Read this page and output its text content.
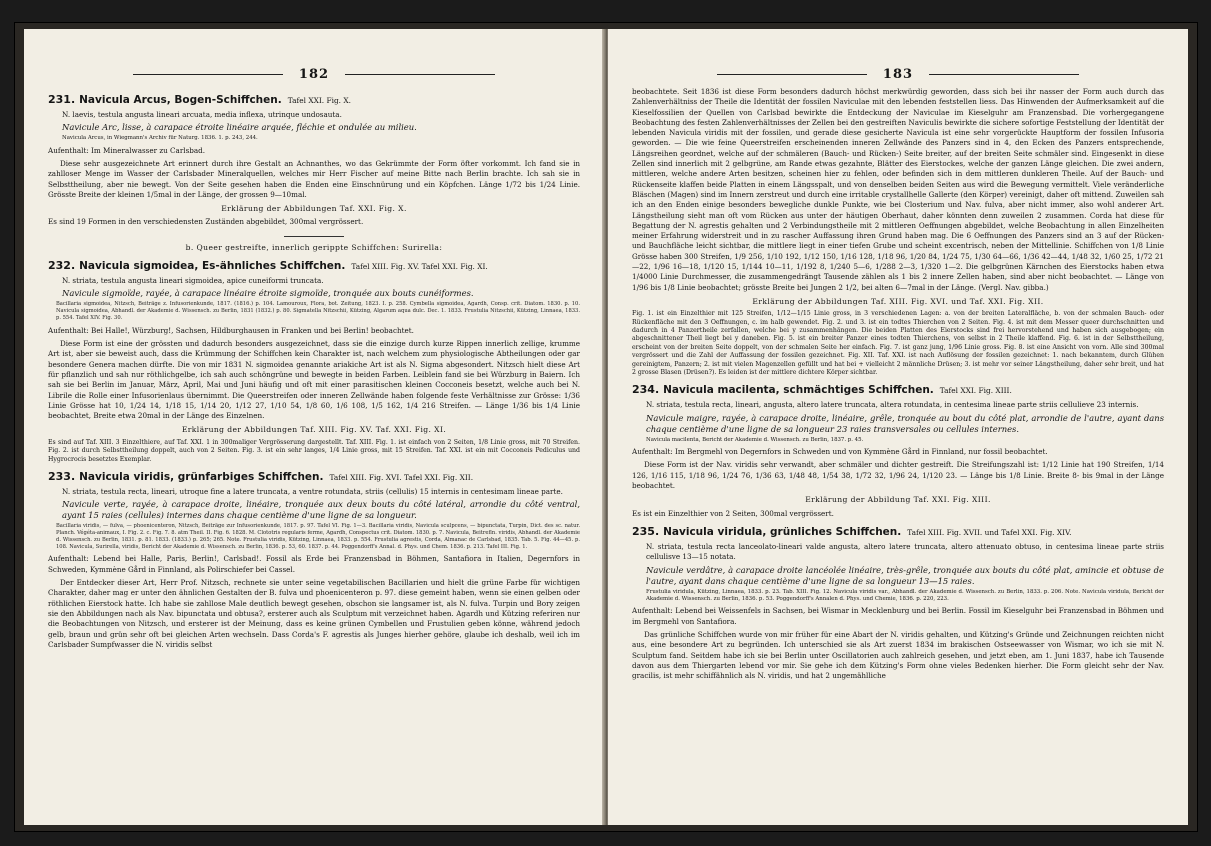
182
231. Navicula Arcus, Bogen-Schiffchen. Tafel XXI. Fig. X.

N. laevis, testula angusta lineari arcuata, media inflexa, utrinque undosauta.

Navicule Arc, lisse, à carapace étroite linéaire arquée, fléchie et ondulée au milieu.

Navicula Arcus, in Wiegmann's Archiv für Naturg. 1836. 1. p. 243, 244.

Aufenthalt: Im Mineralwasser zu Carlsbad.

Diese sehr ausgezeichnete Art erinnert durch ihre Gestalt an Achnanthes, wo das Gekrümmte der Form öfter vorkommt. Ich fand sie in zahlloser Menge im Wasser der Carlsbader Mineralquellen, welches mir Herr Fischer auf meine Bitte nach Berlin brachte. Ich sah sie in Selbsttheilung, aber nie bewegt. Von der Seite gesehen haben die Enden eine Einschnürung und ein Köpfchen. Länge 1/72 bis 1/24 Linie. Grösste Breite der kleinen 1/5mal in der Länge, der grossen 9—10mal.

Erklärung der Abbildungen Taf. XXI. Fig. X.

Es sind 19 Formen in den verschiedensten Zuständen abgebildet, 300mal vergrössert.

b. Queer gestreifte, innerlich gerippte Schiffchen: Surirella:

232. Navicula sigmoidea, Es-ähnliches Schiffchen. Tafel XIII. Fig. XV. Tafel XXI. Fig. XI.

N. striata, testula angusta lineari sigmoidea, apice cuneiformi truncata.

Navicule sigmoïde, rayée, à carapace linéaire étroite sigmoïde, tronquée aux bouts cunéiformes.

Bacillaria sigmoidea, Nitzsch, Beiträge z. Infusorienkunde, 1817. (1816.) p. 104. Lamouroux, Flora, bot. Zeitung, 1823. I. p. 258. Cymbella sigmoidea, Agardh, Consp. crit. Diatom. 1830. p. 10. Navicula sigmoidea, Abhandl. der Akademie d. Wissensch. zu Berlin, 1831 (1832.) p. 80. Sigmatella Nitzschii, Kützing, Algarum aqua dulc. Dec. 1. 1833. Frustulia Nitzschii, Kützing, Linnaea, 1833. p. 554. Tafel XIV. Fig. 30.

Aufenthalt: Bei Halle!, Würzburg!, Sachsen, Hildburghausen in Franken und bei Berlin! beobachtet.

Diese Form ist eine der grössten und dadurch besonders ausgezeichnet, dass sie die einzige durch kurze Rippen innerlich zellige, krumme Art ist, aber sie beweist auch, dass die Krümmung der Schiffchen kein Charakter ist, nach welchem zum physiologische Abtheilungen oder gar besondere Genera machen dürfte. Die von mir 1831 N. sigmoidea genannte ariakiche Art ist als N. Sigma abgesondert. Nitzsch hielt diese Art für pflanzlich und sah nur röthlichgelbe, ich sah auch schöngrüne und bewegte in beiden Farben. Leiblein fand sie bei Würzburg in Baiern. Ich sah sie bei Berlin im Januar, März, April, Mai und Juni häufig und oft mit einer parasitischen kleinen Cocconeis besetzt, welche auch bei N. Librile die Rolle einer Infusorienlaus übernimmt. Die Queerstreifen oder inneren Zellwände haben folgende feste Verhältnisse zur Grösse: 1/36 Linie Grösse hat 10, 1/24 14, 1/18 15, 1/14 20, 1/12 27, 1/10 54, 1/8 60, 1/6 108, 1/5 162, 1/4 216 Streifen. — Länge 1/36 bis 1/4 Linie beobachtet, Breite etwa 20mal in der Länge des Einzelnen.

Erklärung der Abbildungen Taf. XIII. Fig. XV. Taf. XXI. Fig. XI.

Es sind auf Taf. XIII. 3 Einzelthiere, auf Taf. XXI. 1 in 300maliger Vergrösserung dargestellt. Taf. XIII. Fig. 1. ist einfach von 2 Seiten, 1/8 Linie gross, mit 70 Streifen. Fig. 2. ist durch Selbsttheilung doppelt, auch von 2 Seiten. Fig. 3. ist ein sehr langes, 1/4 Linie gross, mit 15 Streifen. Taf. XXI. ist ein mit Cocconeis Pediculus und Hygrocrocis besetztes Exemplar.

233. Navicula viridis, grünfarbiges Schiffchen. Tafel XIII. Fig. XVI. Tafel XXI. Fig. XII.

N. striata, testula recta, lineari, utroque fine a latere truncata, a ventre rotundata, striis (cellulis) 15 internis in centesimam lineae parte.

Navicule verte, rayée, à carapace droite, linéaire, tronquée aux deux bouts du côté latéral, arrondie du côté ventral, ayant 15 raies (cellules) internes dans chaque centième d'une ligne de sa longueur.

Bacillaria viridis, — fulva, — phoenicenteron, Nitzsch, Beiträge zur Infusorienkunde, 1817. p. 97. Tafel VI. Fig. 1—3. Bacillaria viridis, Navicula sculpcens, — bipunctata, Turpin, Dict. des sc. natur. Planch. Végéta-animaux, I. Fig. 2. c. Fig. 7. 8. atm Theil. II. Fig. 6. 1828. M. Clototris regularis ferme, Agardh, Conspectus crit. Diatom. 1830. p. 7. Navicula, Beitrefln. viridis, Abhandl. der Akademie d. Wissensch. zu Berlin, 1831. p. 81. 1833. (1833.) p. 265; 265. Note. Frustulia viridis, Kützing, Linnaea, 1833. p. 554. Frustulia agrestis, Corda, Almanac de Carlsbad, 1835. Tab. 5. Fig. 44—45. p. 108. Navicula, Surirella, viridis, Bericht der Akademie d. Wissensch. zu Berlin, 1836. p. 53, 60. 1837. p. 44. Poggendorff's Annal. d. Phys. und Chem. 1836. p. 213. Tafel III. Fig. 1.

Aufenthalt: Lebend bei Halle, Paris, Berlin!, Carlsbad!. Fossil als Erde bei Franzensbad in Böhmen, Santafiora in Italien, Degernfors in Schweden, Kymmène Gård in Finnland, als Polirschiefer bei Cassel.

Der Entdecker dieser Art, Herr Prof. Nitzsch, rechnete sie unter seine vegetabilischen Bacillarien und hielt die grüne Farbe für wichtigen Charakter, daher mag er unter den ähnlichen Gestalten der B. fulva und phoenicenteron p. 97. diese gemeint haben, wenn sie einen gelben oder röthlichen Eierstock hatte. Ich habe sie zahllose Male deutlich bewegt gesehen, obschon sie langsamer ist, als N. fulva. Turpin und Bory zeigen sie den Abbildungen nach als Nav. bipunctata und obtusa?, ersterer auch als Sculptum mit verzeichnet haben. Agardh und Kützing referiren nur die Beobachtungen von Nitzsch, und ersterer ist der Meinung, dass es keine grünen Cymbellen und Frustulien geben könne, während jedoch gelb, braun und grün sehr oft bei gleichen Arten wechseln. Dass Corda's F. agrestis als Junges hierher gehöre, glaube ich deshalb, weil ich im Carlsbader Sumpfwasser die N. viridis selbst

183

beobachtete. Seit 1836 ist diese Form besonders dadurch höchst merkwürdig geworden, dass sich bei ihr nasser der Form auch durch das Zahlenverhältniss der Theile die Identität der fossilen Naviculae mit den lebenden feststellen liess. Das Hinwenden der Aufmerksamkeit auf die Kieselfossilien der Quellen von Carlsbad bewirkte die Entdeckung der Naviculae im Kieselguhr am Franzensbad. Die vorhergegangene Beobachtung des festen Zahlenverhältnisses der Zellen bei den gestreiften Naviculis bewirkte die sichere sofortige Feststellung der Identität der lebenden Navicula viridis mit der fossilen, und gerade diese gesicherte Navicula ist eine sehr vorgerückte Hauptform der fossilen Infusoria geworden. — Die wie feine Queerstreifen erscheinenden inneren Zellwände des Panzers sind in 4, den Ecken des Panzers entsprechende, Längsreihen geordnet, welche auf der schmäleren (Bauch- und Rücken-) Seite breiter, auf der breiten Seite schmäler sind. Eingesenkt in diese Zellen sind innerlich mit 2 gelbgrüne, am Rande etwas gezahnte, Blätter des Eierstockes, welche der ganzen Länge gleichen. Die zwei andern, mittleren, welche andere Arten besitzen, scheinen hier zu fehlen, oder befinden sich in dem mittleren dunkleren Theile. Auf der Bauch- und Rückenseite klaffen beide Platten in einem Längsspalt, und von denselben beiden Seiten aus wird die Bewegung vermittelt. Viele veränderliche Bläschen (Magen) sind im Innern zerstreut und durch eine irritable crystallhelle Gallerte (den Körper) vereinigt, daher oft mittend. Zuweilen sah ich an den Enden einige besonders bewegliche dunkle Punkte, wie bei Closterium und Nav. fulva, aber nicht immer, also wohl anderer Art. Längstheilung sieht man oft vom Rücken aus unter der häutigen Oberhaut, daher könnten denn zuweilen 2 zusammen. Corda hat diese für Begattung der N. agrestis gehalten und 2 Verbindungstheile mit 2 mittleren Oeffnungen abgebildet, welche Beobachtung in allen Einzelheiten meiner Erfahrung widerstreit und in zu rascher Auffassung ihren Grund haben mag. Die 6 Oeffnungen des Panzers sind an 3 auf der Rücken- und Bauchfläche leicht sichtbar, die mittlere liegt in einer tiefen Grube und scheint excentrisch, neben der Mittellinie. Schiffchen von 1/8 Linie Grösse haben 300 Streifen, 1/9 256, 1/10 192, 1/12 150, 1/16 128, 1/18 96, 1/20 84, 1/24 75, 1/30 64—66, 1/36 42—44, 1/48 32, 1/60 25, 1/72 21—22, 1/96 16—18, 1/120 15, 1/144 10—11, 1/192 8, 1/240 5—6, 1/288 2—3, 1/320 1—2. Die gelbgrünen Kärnchen des Eierstocks haben etwa 1/4000 Linie Durchmesser, die zusammengedrängt Tausende zählen als 1 bis 2 innere Zellen haben, sind aber nicht beobachtet. — Länge von 1/96 bis 1/8 Linie beobachtet; grösste Breite bei Jungen 2 1/2, bei alten 6—7mal in der Länge. (Vergl. Nav. gibba.)

Erklärung der Abbildungen Taf. XIII. Fig. XVI. und Taf. XXI. Fig. XII.

Fig. 1. ist ein Einzelthier mit 125 Streifen, 1/12—1/15 Linie gross, in 3 verschiedenen Lagen: a. von der breiten Lateralfläche, b. von der schmalen Bauch- oder Rückenfläche mit den 3 Oeffnungen, c. im halb gewendet. Fig. 2. und 3. ist ein todtes Thierchen von 2 Seiten. Fig. 4. ist mit dem Messer queer durchschnitten und dadurch in 4 Panzertheile zerfallen, welche bei y zusammenhängen. Die beiden Platten des Eierstocks sind frei hervorstehend und haben sich ausgebogen; ein abgeschnittener Theil liegt bei y daneben. Fig. 5. ist ein breiter Panzer eines todten Thierchens, von selbst in 2 Theile klaffend. Fig. 6. ist in der Selbsttheilung, erscheint von der breiten Seite doppelt, von der schmalen Seite her einfach. Fig. 7. ist ganz jung, 1/96 Linie gross. Fig. 8. ist eine Ansicht von vorn. Alle sind 300mal vergrössert und die Zahl der Auffassung der fossilen gezeichnet. Fig. XII. Taf. XXI. ist nach Auflösung der fossilen gezeichnet: 1. nach bekanntem, durch Glühen gereinigtem, Panzern; 2. ist mit vielen Magenzellen gefüllt und hat bei + vielleicht 2 männliche Drüsen; 3. ist mehr vor seiner Längstheilung, daher sehr breit, und hat 2 grosse Blasen (Drüsen?). Es leiden ist der mittlere dichtere Körper sichtbar.

234. Navicula macilenta, schmächtiges Schiffchen. Tafel XXI. Fig. XIII.

N. striata, testula recta, lineari, angusta, altero latere truncata, altera rotundata, in centesima lineae parte striis cellulieve 23 internis.

Navicule maigre, rayée, à carapace droite, linéaire, grêle, tronquée au bout du côté plat, arrondie de l'autre, ayant dans chaque centième d'une ligne de sa longueur 23 raies transversales ou cellules internes.

Navicula macilenta, Bericht der Akademie d. Wissensch. zu Berlin, 1837. p. 45.

Aufenthalt: Im Bergmehl von Degernfors in Schweden und von Kymmène Gård in Finnland, nur fossil beobachtet.

Diese Form ist der Nav. viridis sehr verwandt, aber schmäler und dichter gestreift. Die Streifungszahl ist: 1/12 Linie hat 190 Streifen, 1/14 126, 1/16 115, 1/18 96, 1/24 76, 1/36 63, 1/48 48, 1/54 38, 1/72 32, 1/96 24, 1/120 23. — Länge bis 1/8 Linie. Breite 8- bis 9mal in der Länge beobachtet.

Erklärung der Abbildung Taf. XXI. Fig. XIII.

Es ist ein Einzelthier von 2 Seiten, 300mal vergrössert.

235. Navicula viridula, grünliches Schiffchen. Tafel XIII. Fig. XVII. und Tafel XXI. Fig. XIV.

N. striata, testula recta lanceolato-lineari valde angusta, altero latere truncata, altero attenuato obtuso, in centesima lineae parte striis cellulisve 13—15 notata.

Navicule verdâtre, à carapace droite lancéolée linéaire, très-grêle, tronquée aux bouts du côté plat, amincie et obtuse de l'autre, ayant dans chaque centième d'une ligne de sa longueur 13—15 raies.

Frustulia viridula, Kützing, Linnaea, 1833. p. 23. Tab. XIII. Fig. 12. Navicula viridis var., Abhandl. der Akademie d. Wissensch. zu Berlin, 1833. p. 206. Note. Navicula viridula, Bericht der Akademie d. Wissensch. zu Berlin, 1836. p. 53. Poggendorff's Annalen d. Phys. und Chemie, 1836. p. 220, 223.

Aufenthalt: Lebend bei Weissenfels in Sachsen, bei Wismar in Mecklenburg und bei Berlin. Fossil im Kieselguhr bei Franzensbad in Böhmen und im Bergmehl von Santafiora.

Das grünliche Schiffchen wurde von mir früher für eine Abart der N. viridis gehalten, und Kützing's Gründe und Zeichnungen reichten nicht aus, eine besondere Art zu begründen. Ich unterschied sie als Art zuerst 1834 im brakischen Ostseewasser von Wismar, wo ich sie mit N. Sculptum fand. Seitdem habe ich sie bei Berlin unter Oscillatorien auch zahlreich gesehen, und jetzt eben, am 1. Juni 1837, habe ich Tausende davon aus dem Thiergarten lebend vor mir. Sie gehe ich dem Kützing's Form ohne vieles Bedenken hierher. Die Form gleicht sehr der Nav. gracilis, ist mehr schiffähnlich als N. viridis, und hat 2 ungemählliche
